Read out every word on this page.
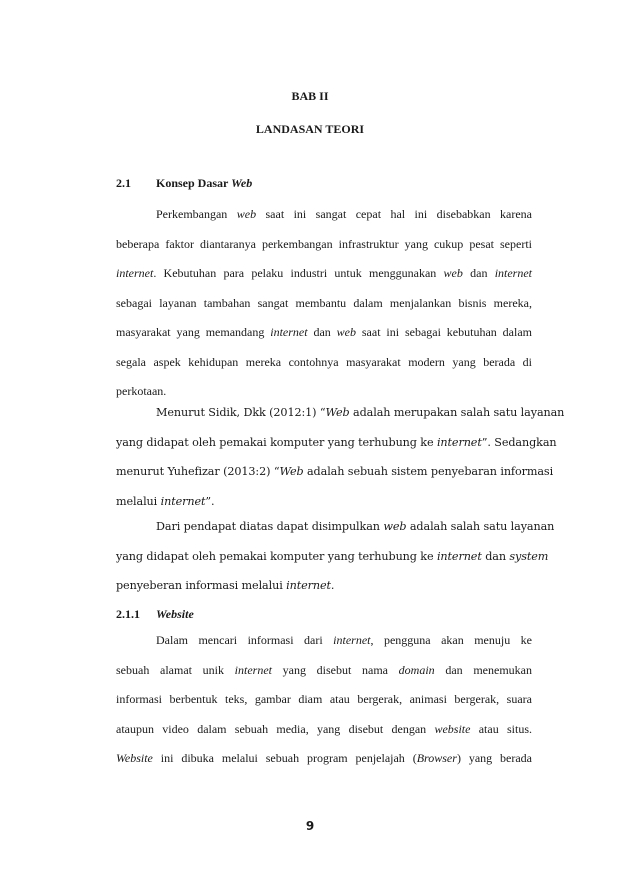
BAB II
LANDASAN TEORI
2.1 Konsep Dasar Web
Perkembangan web saat ini sangat cepat hal ini disebabkan karena
beberapa faktor diantaranya perkembangan infrastruktur yang cukup pesat seperti
internet. Kebutuhan para pelaku industri untuk menggunakan web dan internet
sebagai layanan tambahan sangat membantu dalam menjalankan bisnis mereka,
masyarakat yang memandang internet dan web saat ini sebagai kebutuhan dalam
segala aspek kehidupan mereka contohnya masyarakat modern yang berada di
perkotaan.
Menurut Sidik, Dkk (2012:1) “Web adalah merupakan salah satu layanan
yang didapat oleh pemakai komputer yang terhubung ke internet”. Sedangkan
menurut Yuhefizar (2013:2) “Web adalah sebuah sistem penyebaran informasi
melalui internet”.
Dari pendapat diatas dapat disimpulkan web adalah salah satu layanan
yang didapat oleh pemakai komputer yang terhubung ke internet dan system
penyeberan informasi melalui internet.
2.1.1 Website
Dalam mencari informasi dari internet, pengguna akan menuju ke
sebuah alamat unik internet yang disebut nama domain dan menemukan
informasi berbentuk teks, gambar diam atau bergerak, animasi bergerak, suara
ataupun video dalam sebuah media, yang disebut dengan website atau situs.
Website ini dibuka melalui sebuah program penjelajah (Browser) yang berada
9
